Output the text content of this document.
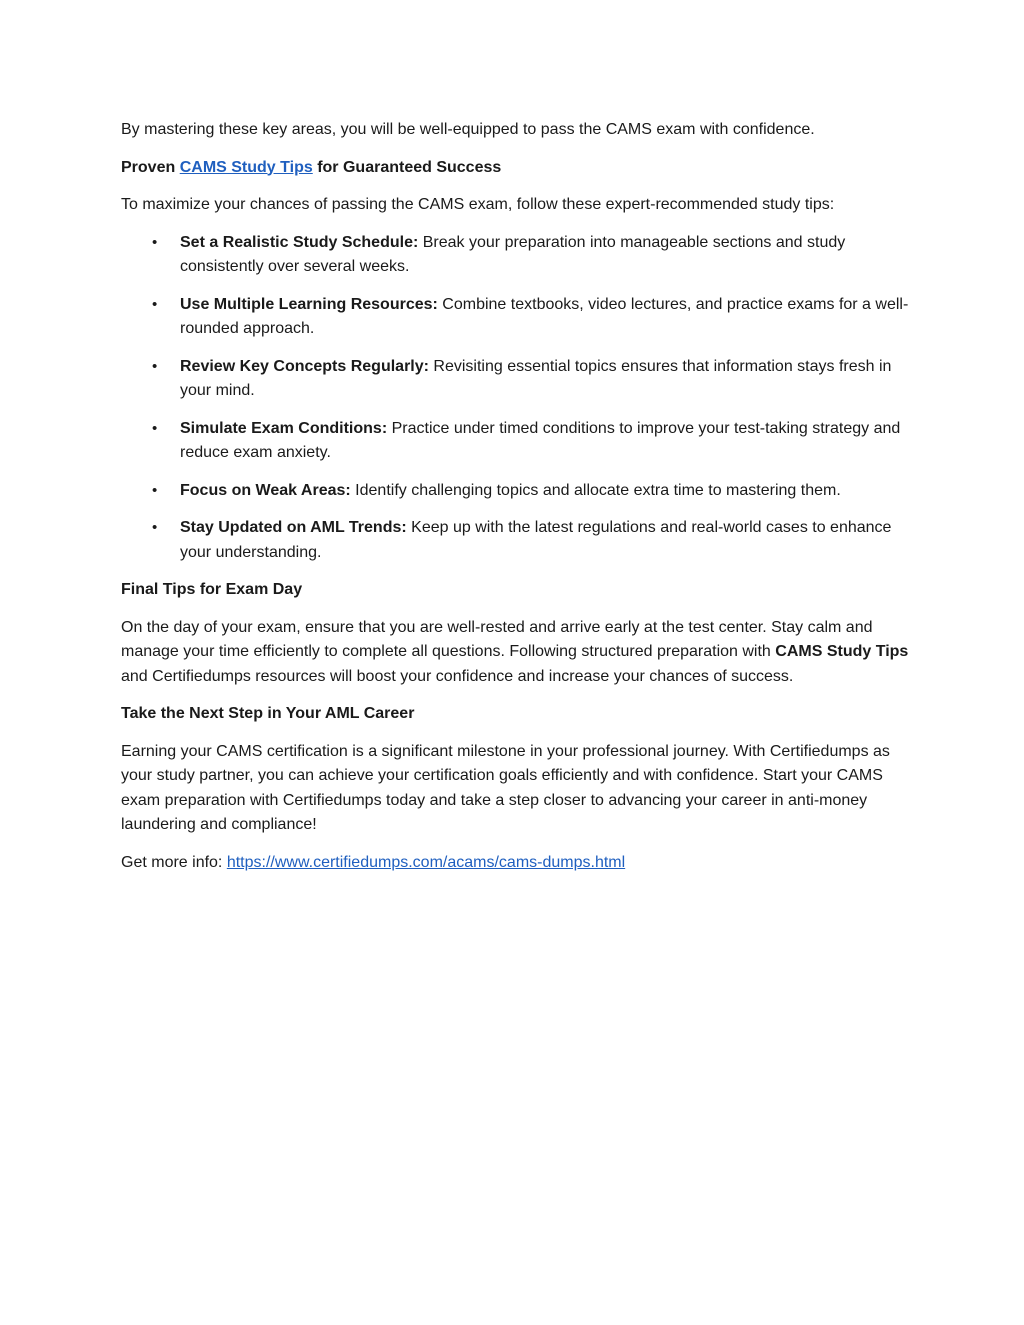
By mastering these key areas, you will be well-equipped to pass the CAMS exam with confidence.

Proven CAMS Study Tips for Guaranteed Success

To maximize your chances of passing the CAMS exam, follow these expert-recommended study tips:

• Set a Realistic Study Schedule: Break your preparation into manageable sections and study consistently over several weeks.
• Use Multiple Learning Resources: Combine textbooks, video lectures, and practice exams for a well-rounded approach.
• Review Key Concepts Regularly: Revisiting essential topics ensures that information stays fresh in your mind.
• Simulate Exam Conditions: Practice under timed conditions to improve your test-taking strategy and reduce exam anxiety.
• Focus on Weak Areas: Identify challenging topics and allocate extra time to mastering them.
• Stay Updated on AML Trends: Keep up with the latest regulations and real-world cases to enhance your understanding.

Final Tips for Exam Day

On the day of your exam, ensure that you are well-rested and arrive early at the test center. Stay calm and manage your time efficiently to complete all questions. Following structured preparation with CAMS Study Tips and Certifiedumps resources will boost your confidence and increase your chances of success.

Take the Next Step in Your AML Career

Earning your CAMS certification is a significant milestone in your professional journey. With Certifiedumps as your study partner, you can achieve your certification goals efficiently and with confidence. Start your CAMS exam preparation with Certifiedumps today and take a step closer to advancing your career in anti-money laundering and compliance!

Get more info: https://www.certifiedumps.com/acams/cams-dumps.html
